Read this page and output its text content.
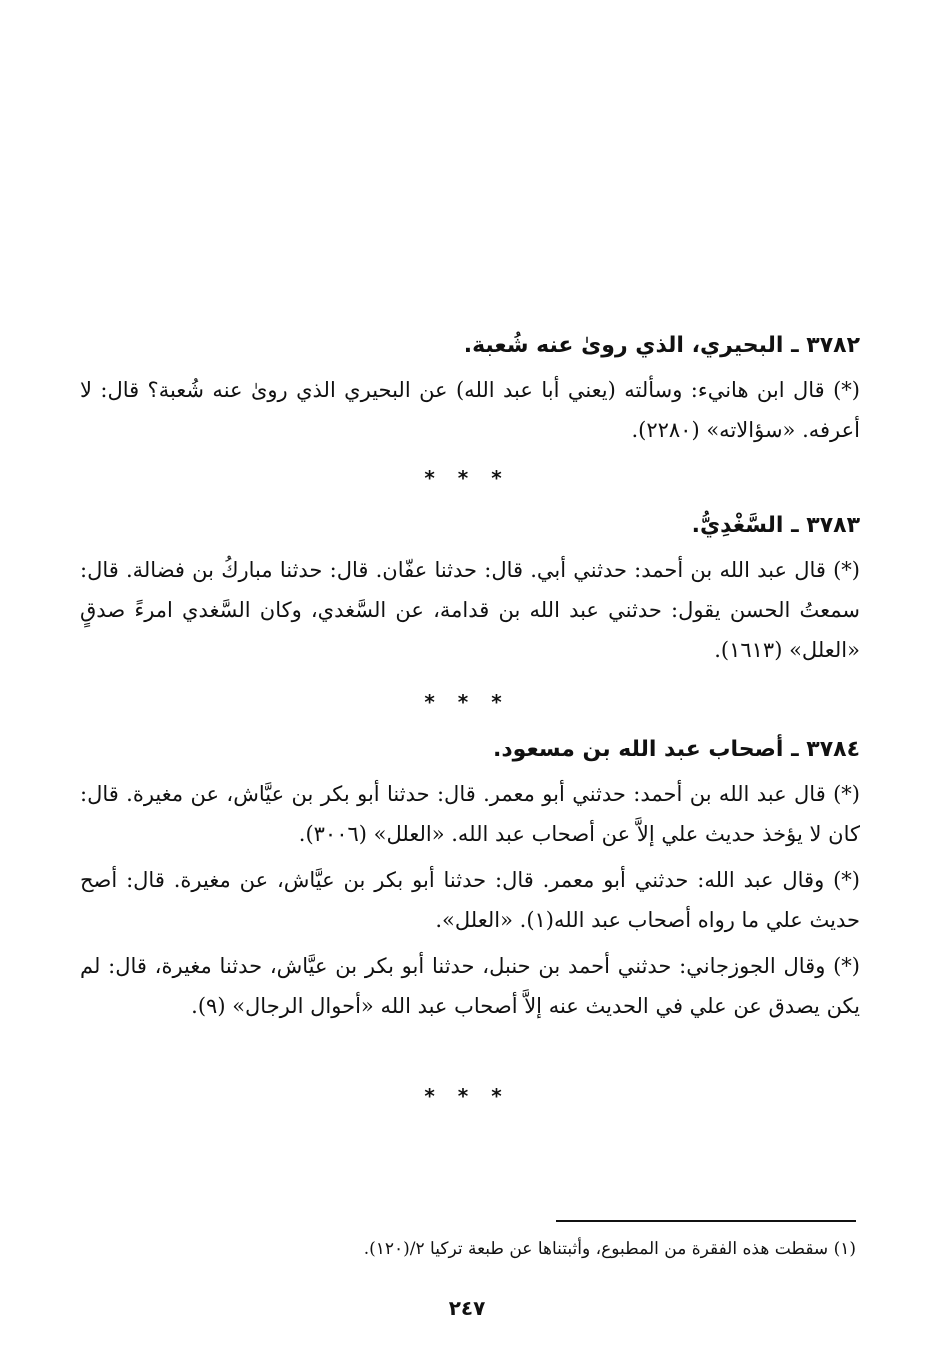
٣٧٨٢ ـ البحيري، الذي روىٰ عنه شُعبة.
(*) قال ابن هانيء: وسألته (يعني أبا عبد الله) عن البحيري الذي روىٰ عنه شُعبة؟ قال: لا أعرفه. «سؤالاته» (٢٢٨٠).
* * *
٣٧٨٣ ـ السَّغْدِيُّ.
(*) قال عبد الله بن أحمد: حدثني أبي. قال: حدثنا عفّان. قال: حدثنا مباركُ بن فضالة. قال: سمعتُ الحسن يقول: حدثني عبد الله بن قدامة، عن السَّغدي، وكان السَّغدي امرءً صدقٍ «العلل» (١٦١٣).
* * *
٣٧٨٤ ـ أصحاب عبد الله بن مسعود.
(*) قال عبد الله بن أحمد: حدثني أبو معمر. قال: حدثنا أبو بكر بن عيَّاش، عن مغيرة. قال: كان لا يؤخذ حديث علي إلاَّ عن أصحاب عبد الله. «العلل» (٣٠٠٦).
(*) وقال عبد الله: حدثني أبو معمر. قال: حدثنا أبو بكر بن عيَّاش، عن مغيرة. قال: أصح حديث علي ما رواه أصحاب عبد الله(١). «العلل».
(*) وقال الجوزجاني: حدثني أحمد بن حنبل، حدثنا أبو بكر بن عيَّاش، حدثنا مغيرة، قال: لم يكن يصدق عن علي في الحديث عنه إلاَّ أصحاب عبد الله «أحوال الرجال» (٩).
* * *
(١) سقطت هذه الفقرة من المطبوع، وأثبتناها عن طبعة تركيا ٢/(١٢٠).
٢٤٧
